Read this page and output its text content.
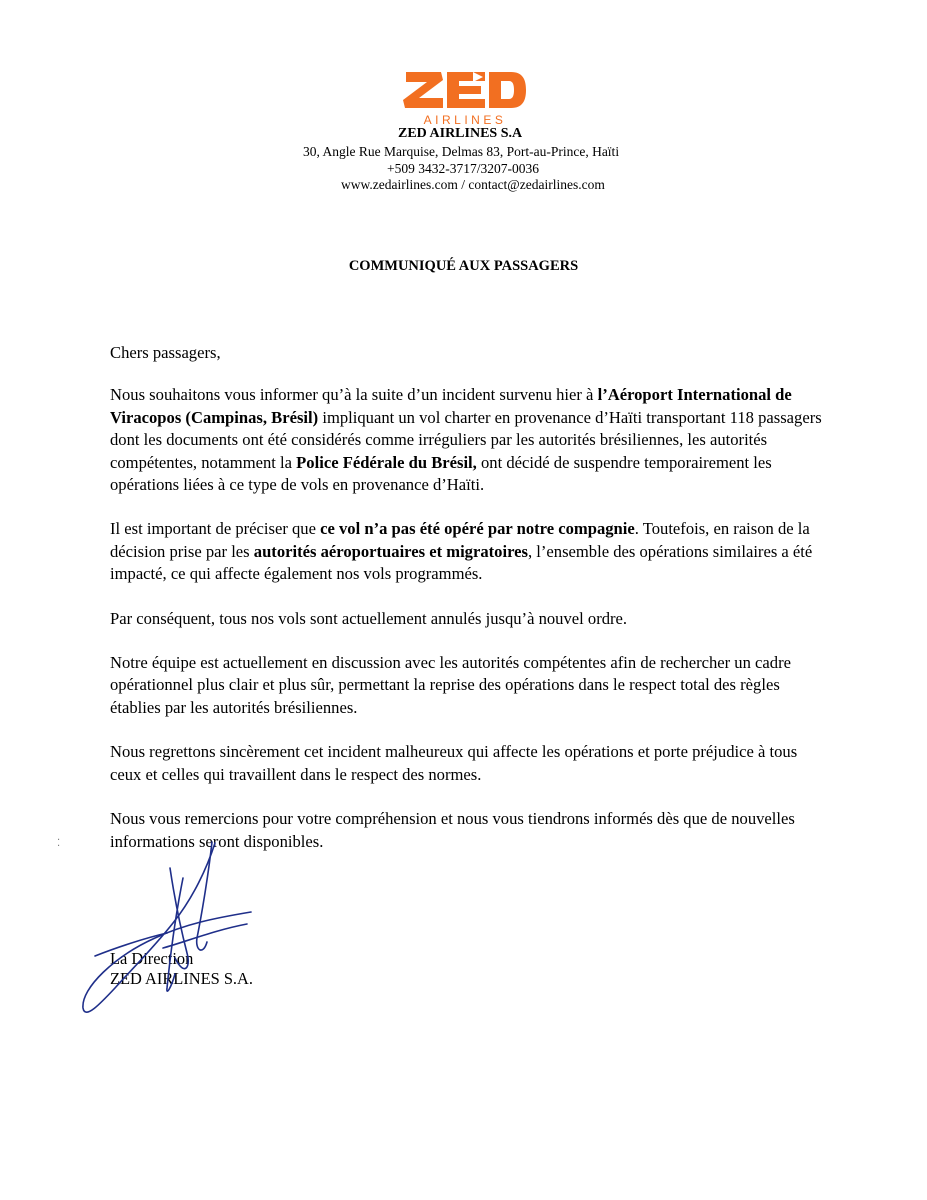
AIRLINES
ZED AIRLINES S.A
30, Angle Rue Marquise, Delmas 83, Port-au-Prince, Haïti
+509 3432-3717/3207-0036
www.zedairlines.com / contact@zedairlines.com
COMMUNIQUÉ AUX PASSAGERS

Chers passagers,

Nous souhaitons vous informer qu’à la suite d’un incident survenu hier à l’Aéroport International de Viracopos (Campinas, Brésil) impliquant un vol charter en provenance d’Haïti transportant 118 passagers dont les documents ont été considérés comme irréguliers par les autorités brésiliennes, les autorités compétentes, notamment la Police Fédérale du Brésil, ont décidé de suspendre temporairement les opérations liées à ce type de vols en provenance d’Haïti.

Il est important de préciser que ce vol n’a pas été opéré par notre compagnie. Toutefois, en raison de la décision prise par les autorités aéroportuaires et migratoires, l’ensemble des opérations similaires a été impacté, ce qui affecte également nos vols programmés.

Par conséquent, tous nos vols sont actuellement annulés jusqu’à nouvel ordre.

Notre équipe est actuellement en discussion avec les autorités compétentes afin de rechercher un cadre opérationnel plus clair et plus sûr, permettant la reprise des opérations dans le respect total des règles établies par les autorités brésiliennes.

Nous regrettons sincèrement cet incident malheureux qui affecte les opérations et porte préjudice à tous ceux et celles qui travaillent dans le respect des normes.

Nous vous remercions pour votre compréhension et nous vous tiendrons informés dès que de nouvelles informations seront disponibles.

⁚
La Direction
ZED AIRLINES S.A.
